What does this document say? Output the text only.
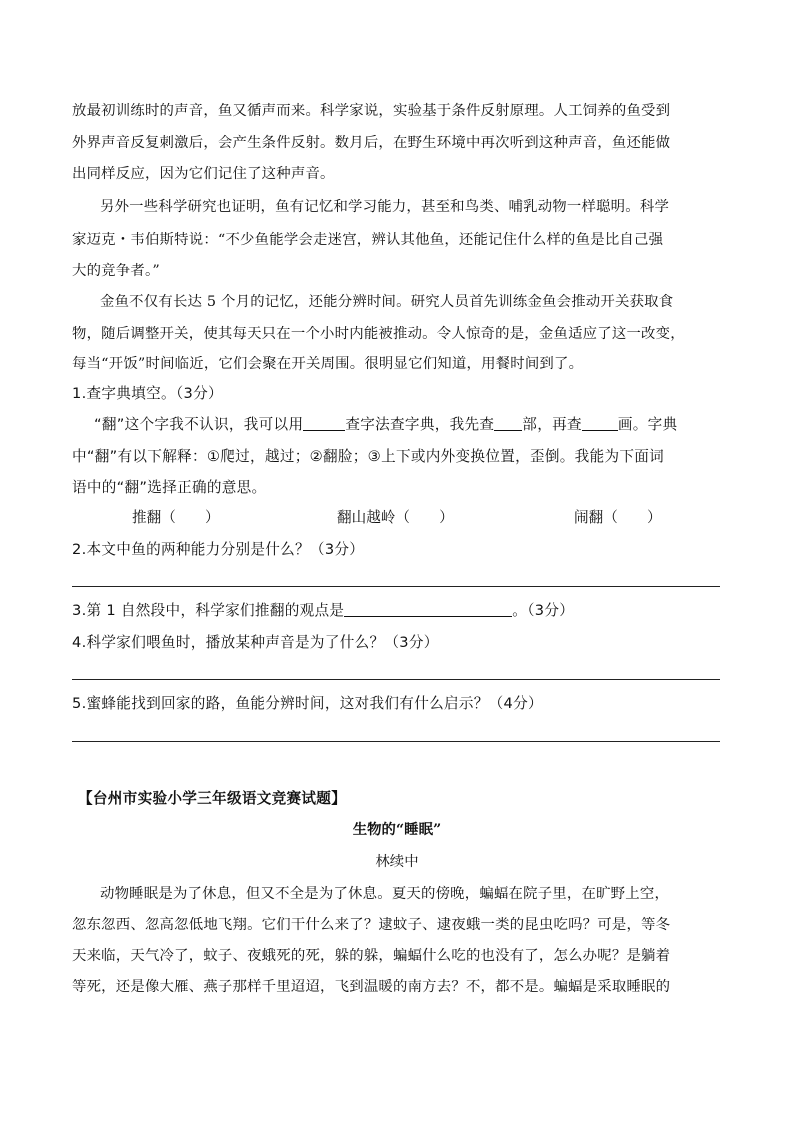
放最初训练时的声音，鱼又循声而来。科学家说，实验基于条件反射原理。人工饲养的鱼受到
外界声音反复刺激后，会产生条件反射。数月后，在野生环境中再次听到这种声音，鱼还能做
出同样反应，因为它们记住了这种声音。
另外一些科学研究也证明，鱼有记忆和学习能力，甚至和鸟类、哺乳动物一样聪明。科学
家迈克・韦伯斯特说：“不少鱼能学会走迷宫，辨认其他鱼，还能记住什么样的鱼是比自己强
大的竞争者。”
金鱼不仅有长达 5 个月的记忆，还能分辨时间。研究人员首先训练金鱼会推动开关获取食
物，随后调整开关，使其每天只在一个小时内能被推动。令人惊奇的是，金鱼适应了这一改变，
每当“开饭”时间临近，它们会聚在开关周围。很明显它们知道，用餐时间到了。
1.查字典填空。（3分）
“翻”这个字我不认识，我可以用	查字法查字典，我先查 部，再查 画。字典
中“翻”有以下解释：①爬过，越过；②翻脸；③上下或内外变换位置，歪倒。我能为下面词
语中的“翻”选择正确的意思。
推翻（　　）	翻山越岭（　　）	闹翻（　　）
2.本文中鱼的两种能力分别是什么？（3分）
3.第 1 自然段中，科学家们推翻的观点是	。（3分）
4.科学家们喂鱼时，播放某种声音是为了什么？（3分）
5.蜜蜂能找到回家的路，鱼能分辨时间，这对我们有什么启示？（4分）
【台州市实验小学三年级语文竞赛试题】
生物的“睡眠”
林续中
动物睡眠是为了休息，但又不全是为了休息。夏天的傍晚，蝙蝠在院子里，在旷野上空，
忽东忽西、忽高忽低地飞翔。它们干什么来了？逮蚊子、逮夜蛾一类的昆虫吃吗？可是，等冬
天来临，天气冷了，蚊子、夜蛾死的死，躲的躲，蝙蝠什么吃的也没有了，怎么办呢？是躺着
等死，还是像大雁、燕子那样千里迢迢，飞到温暖的南方去？不，都不是。蝙蝠是采取睡眠的
